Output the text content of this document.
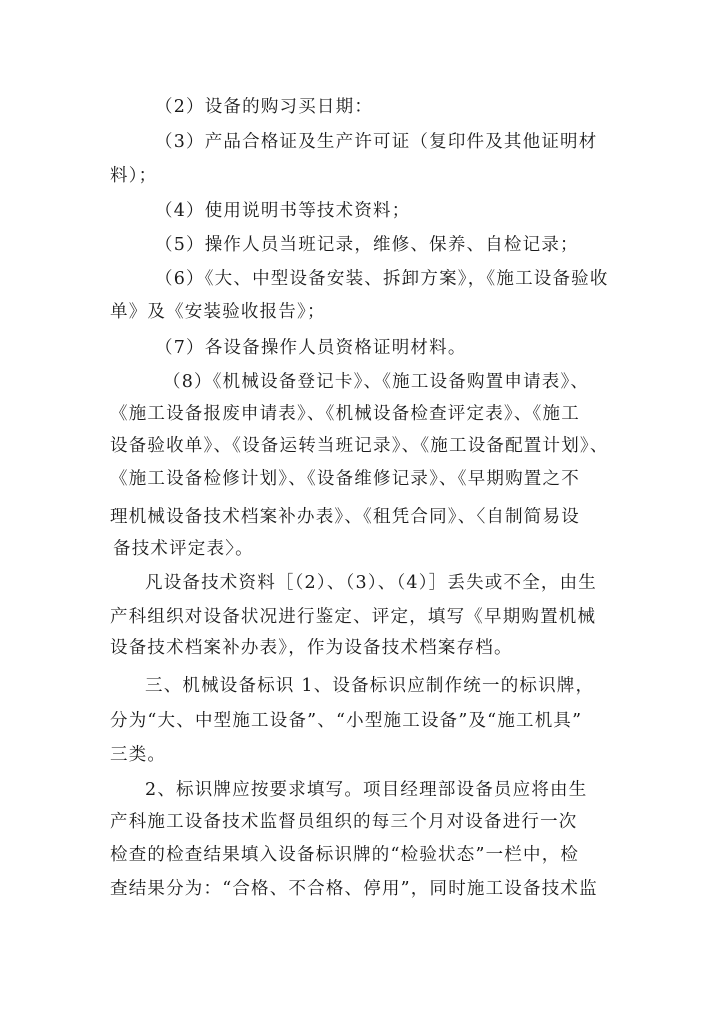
（2）设备的购习买日期：
（3）产品合格证及生产许可证（复印件及其他证明材
料）；
（4）使用说明书等技术资料；
（5）操作人员当班记录，维修、保养、自检记录；
（6）《大、中型设备安装、拆卸方案》，《施工设备验收
单》及《安装验收报告》；
（7）各设备操作人员资格证明材料。
（8）《机械设备登记卡》、《施工设备购置申请表》、
《施工设备报废申请表》、《机械设备检查评定表》、《施工
设备验收单》、《设备运转当班记录》、《施工设备配置计划》、
《施工设备检修计划》、《设备维修记录》、《早期购置之不
理机械设备技术档案补办表》、《租凭合同》、〈自制简易设
备技术评定表〉。
凡设备技术资料［（2）、（3）、（4）］丢失或不全，由生
产科组织对设备状况进行鉴定、评定，填写《早期购置机械
设备技术档案补办表》，作为设备技术档案存档。
三、机械设备标识 1、设备标识应制作统一的标识牌，
分为“大、中型施工设备”、“小型施工设备”及“施工机具”
三类。
2、标识牌应按要求填写。项目经理部设备员应将由生
产科施工设备技术监督员组织的每三个月对设备进行一次
检查的检查结果填入设备标识牌的“检验状态”一栏中，检
查结果分为：“合格、不合格、停用”，同时施工设备技术监
